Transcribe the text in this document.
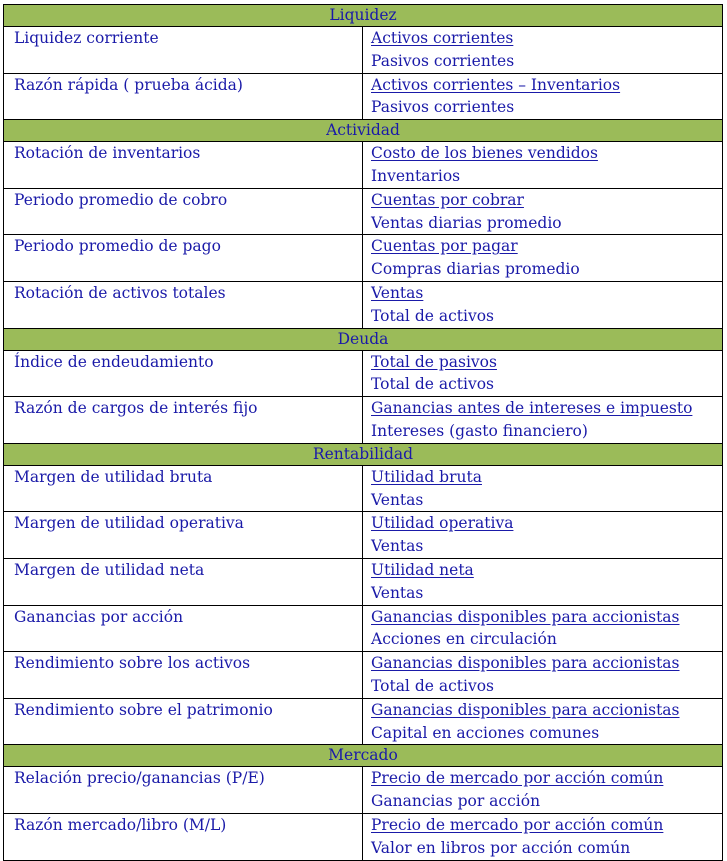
Liquidez	
Liquidez corriente	Activos corrientes
Pasivos corrientes

Razón rápida ( prueba ácida)	Activos corrientes – Inventarios
Pasivos corrientes

Actividad	
Rotación de inventarios	Costo de los bienes vendidos
Inventarios

Periodo promedio de cobro	Cuentas por cobrar
Ventas diarias promedio

Periodo promedio de pago	Cuentas por pagar
Compras diarias promedio

Rotación de activos totales	Ventas
Total de activos

Deuda	
Índice de endeudamiento	Total de pasivos
Total de activos

Razón de cargos de interés fijo	Ganancias antes de intereses e impuesto
Intereses (gasto financiero)

Rentabilidad	
Margen de utilidad bruta	Utilidad bruta
Ventas

Margen de utilidad operativa	Utilidad operativa
Ventas

Margen de utilidad neta	Utilidad neta
Ventas

Ganancias por acción	Ganancias disponibles para accionistas
Acciones en circulación

Rendimiento sobre los activos	Ganancias disponibles para accionistas
Total de activos

Rendimiento sobre el patrimonio	Ganancias disponibles para accionistas
Capital en acciones comunes

Mercado	
Relación precio/ganancias (P/E)	Precio de mercado por acción común
Ganancias por acción

Razón mercado/libro (M/L)	Precio de mercado por acción común
Valor en libros por acción común
